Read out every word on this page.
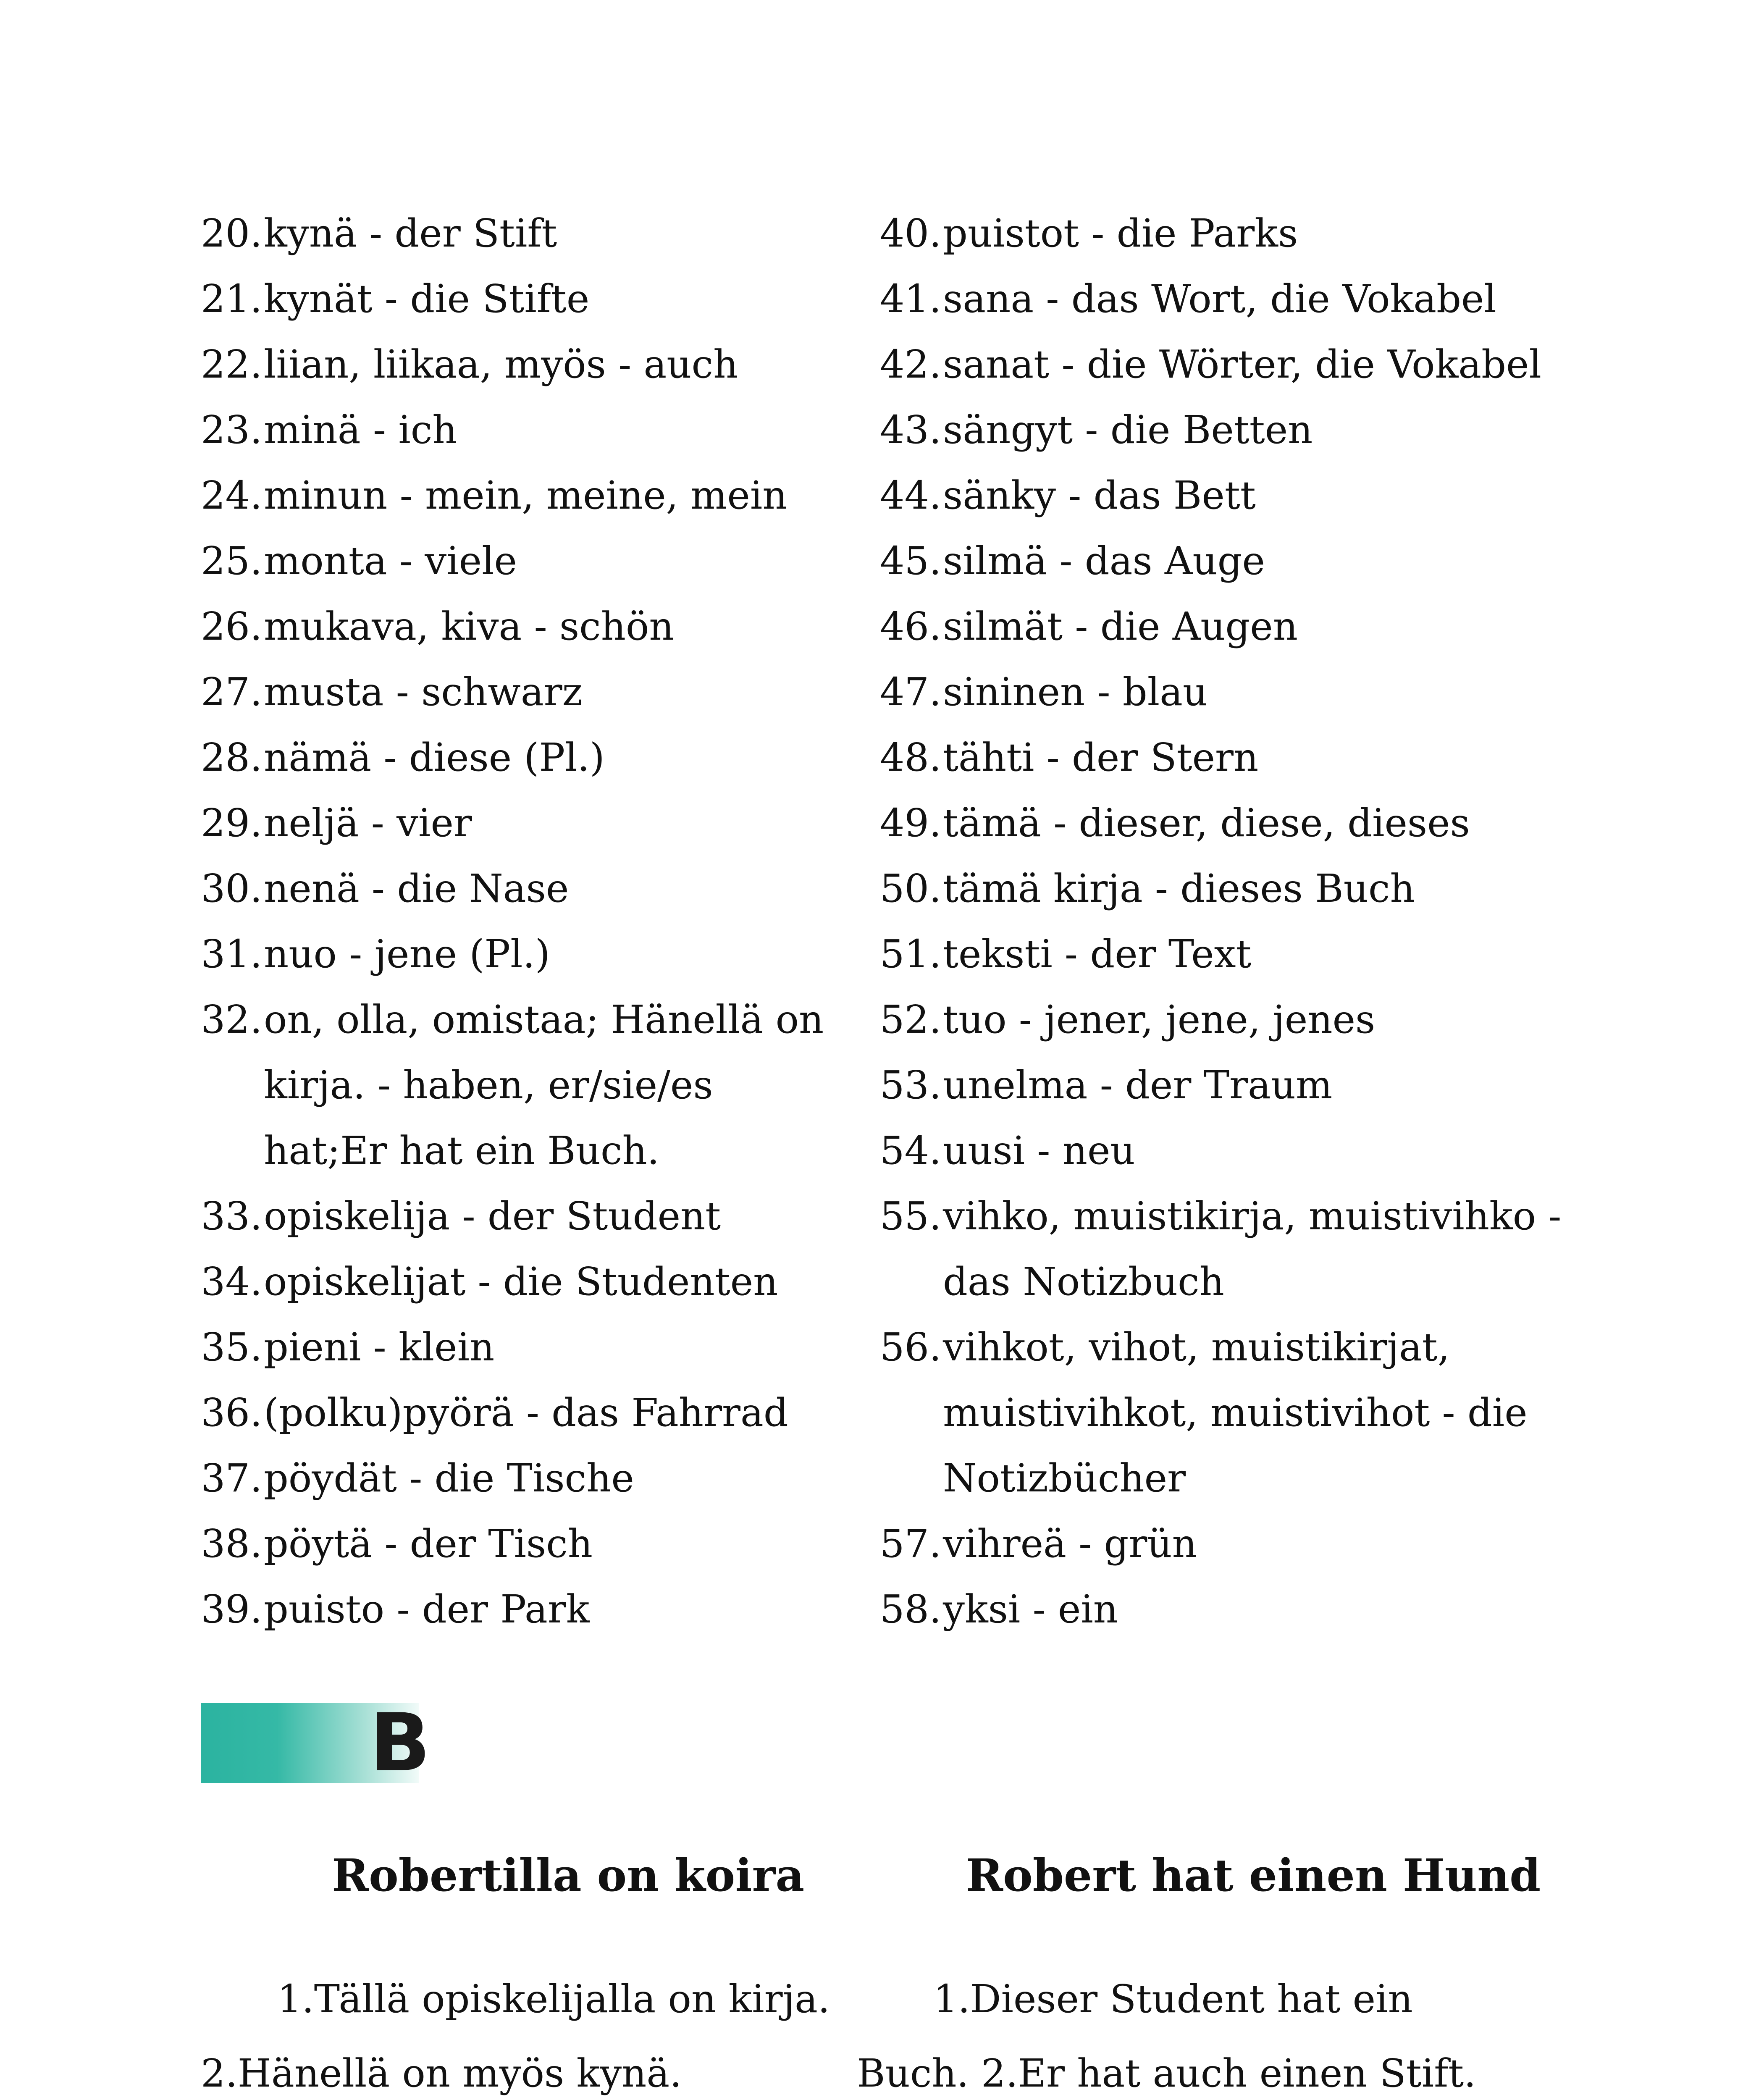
20. kynä - der Stift
21. kynät - die Stifte
22. liian, liikaa, myös - auch
23. minä - ich
24. minun - mein, meine, mein
25. monta - viele
26. mukava, kiva - schön
27. musta - schwarz
28. nämä - diese (Pl.)
29. neljä - vier
30. nenä - die Nase
31. nuo - jene (Pl.)
32. on, olla, omistaa; Hänellä on kirja. - haben, er/sie/es hat;Er hat ein Buch.
33. opiskelija - der Student
34. opiskelijat - die Studenten
35. pieni - klein
36. (polku)pyörä - das Fahrrad
37. pöydät - die Tische
38. pöytä - der Tisch
39. puisto - der Park
40. puistot - die Parks
41. sana - das Wort, die Vokabel
42. sanat - die Wörter, die Vokabel
43. sängyt - die Betten
44. sänky - das Bett
45. silmä - das Auge
46. silmät - die Augen
47. sininen - blau
48. tähti - der Stern
49. tämä - dieser, diese, dieses
50. tämä kirja - dieses Buch
51. teksti - der Text
52. tuo - jener, jene, jenes
53. unelma - der Traum
54. uusi - neu
55. vihko, muistikirja, muistivihko - das Notizbuch
56. vihkot, vihot, muistikirjat, muistivihkot, muistivihot - die Notizbücher
57. vihreä - grün
58. yksi - ein
B
Robertilla on koira	Robert hat einen Hund
1.Tällä opiskelijalla on kirja.
2.Hänellä on myös kynä.
1.Dieser Student hat ein
Buch. 2.Er hat auch einen Stift.
